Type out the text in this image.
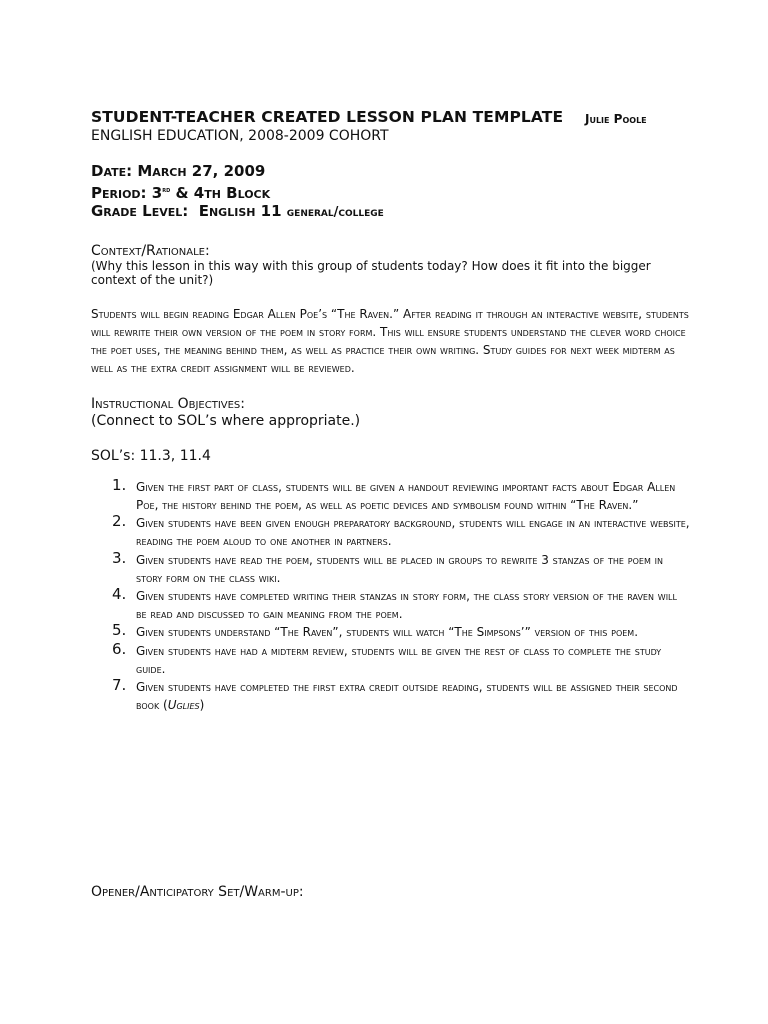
STUDENT-TEACHER CREATED LESSON PLAN TEMPLATE Julie Poole
ENGLISH EDUCATION, 2008-2009 COHORT
Date: March 27, 2009
Period: 3rd & 4th Block
Grade Level: English 11 general/college
Context/Rationale:
(Why this lesson in this way with this group of students today? How does it fit into the bigger context of the unit?)
Students will begin reading Edgar Allen Poe’s “The Raven.” After reading it through an interactive website, students will rewrite their own version of the poem in story form. This will ensure students understand the clever word choice the poet uses, the meaning behind them, as well as practice their own writing. Study guides for next week midterm as well as the extra credit assignment will be reviewed.
Instructional Objectives:
(Connect to SOL’s where appropriate.)
SOL’s: 11.3, 11.4
1. Given the first part of class, students will be given a handout reviewing important facts about Edgar Allen Poe, the history behind the poem, as well as poetic devices and symbolism found within “The Raven.”
2. Given students have been given enough preparatory background, students will engage in an interactive website, reading the poem aloud to one another in partners.
3. Given students have read the poem, students will be placed in groups to rewrite 3 stanzas of the poem in story form on the class wiki.
4. Given students have completed writing their stanzas in story form, the class story version of the raven will be read and discussed to gain meaning from the poem.
5. Given students understand “The Raven”, students will watch “The Simpsons’” version of this poem.
6. Given students have had a midterm review, students will be given the rest of class to complete the study guide.
7. Given students have completed the first extra credit outside reading, students will be assigned their second book (Uglies)
Opener/Anticipatory Set/Warm-up:
